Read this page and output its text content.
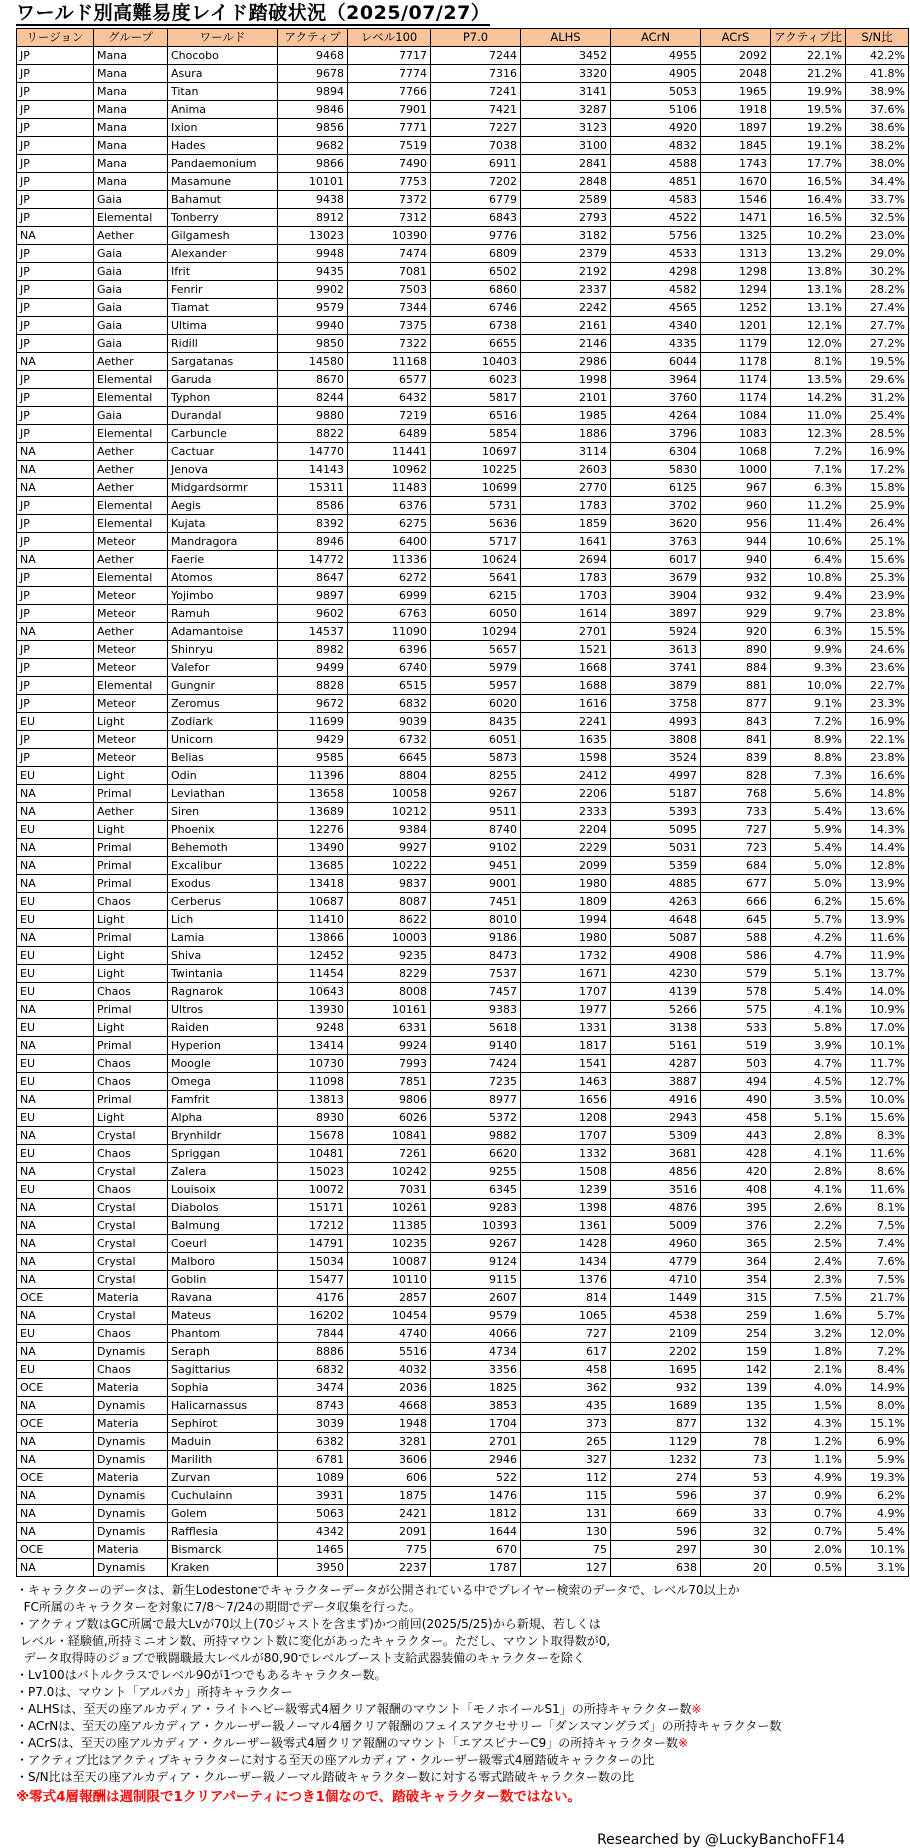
ワールド別高難易度レイド踏破状況（2025/07/27）
リージョン	グループ	ワールド	アクティブ	レベル100	P7.0	ALHS	ACrN	ACrS	アクティブ比	S/N比
JP	Mana	Chocobo	9468	7717	7244	3452	4955	2092	22.1%	42.2%
JP	Mana	Asura	9678	7774	7316	3320	4905	2048	21.2%	41.8%
JP	Mana	Titan	9894	7766	7241	3141	5053	1965	19.9%	38.9%
JP	Mana	Anima	9846	7901	7421	3287	5106	1918	19.5%	37.6%
JP	Mana	Ixion	9856	7771	7227	3123	4920	1897	19.2%	38.6%
JP	Mana	Hades	9682	7519	7038	3100	4832	1845	19.1%	38.2%
JP	Mana	Pandaemonium	9866	7490	6911	2841	4588	1743	17.7%	38.0%
JP	Mana	Masamune	10101	7753	7202	2848	4851	1670	16.5%	34.4%
JP	Gaia	Bahamut	9438	7372	6779	2589	4583	1546	16.4%	33.7%
JP	Elemental	Tonberry	8912	7312	6843	2793	4522	1471	16.5%	32.5%
NA	Aether	Gilgamesh	13023	10390	9776	3182	5756	1325	10.2%	23.0%
JP	Gaia	Alexander	9948	7474	6809	2379	4533	1313	13.2%	29.0%
JP	Gaia	Ifrit	9435	7081	6502	2192	4298	1298	13.8%	30.2%
JP	Gaia	Fenrir	9902	7503	6860	2337	4582	1294	13.1%	28.2%
JP	Gaia	Tiamat	9579	7344	6746	2242	4565	1252	13.1%	27.4%
JP	Gaia	Ultima	9940	7375	6738	2161	4340	1201	12.1%	27.7%
JP	Gaia	Ridill	9850	7322	6655	2146	4335	1179	12.0%	27.2%
NA	Aether	Sargatanas	14580	11168	10403	2986	6044	1178	8.1%	19.5%
JP	Elemental	Garuda	8670	6577	6023	1998	3964	1174	13.5%	29.6%
JP	Elemental	Typhon	8244	6432	5817	2101	3760	1174	14.2%	31.2%
JP	Gaia	Durandal	9880	7219	6516	1985	4264	1084	11.0%	25.4%
JP	Elemental	Carbuncle	8822	6489	5854	1886	3796	1083	12.3%	28.5%
NA	Aether	Cactuar	14770	11441	10697	3114	6304	1068	7.2%	16.9%
NA	Aether	Jenova	14143	10962	10225	2603	5830	1000	7.1%	17.2%
NA	Aether	Midgardsormr	15311	11483	10699	2770	6125	967	6.3%	15.8%
JP	Elemental	Aegis	8586	6376	5731	1783	3702	960	11.2%	25.9%
JP	Elemental	Kujata	8392	6275	5636	1859	3620	956	11.4%	26.4%
JP	Meteor	Mandragora	8946	6400	5717	1641	3763	944	10.6%	25.1%
NA	Aether	Faerie	14772	11336	10624	2694	6017	940	6.4%	15.6%
JP	Elemental	Atomos	8647	6272	5641	1783	3679	932	10.8%	25.3%
JP	Meteor	Yojimbo	9897	6999	6215	1703	3904	932	9.4%	23.9%
JP	Meteor	Ramuh	9602	6763	6050	1614	3897	929	9.7%	23.8%
NA	Aether	Adamantoise	14537	11090	10294	2701	5924	920	6.3%	15.5%
JP	Meteor	Shinryu	8982	6396	5657	1521	3613	890	9.9%	24.6%
JP	Meteor	Valefor	9499	6740	5979	1668	3741	884	9.3%	23.6%
JP	Elemental	Gungnir	8828	6515	5957	1688	3879	881	10.0%	22.7%
JP	Meteor	Zeromus	9672	6832	6020	1616	3758	877	9.1%	23.3%
EU	Light	Zodiark	11699	9039	8435	2241	4993	843	7.2%	16.9%
JP	Meteor	Unicorn	9429	6732	6051	1635	3808	841	8.9%	22.1%
JP	Meteor	Belias	9585	6645	5873	1598	3524	839	8.8%	23.8%
EU	Light	Odin	11396	8804	8255	2412	4997	828	7.3%	16.6%
NA	Primal	Leviathan	13658	10058	9267	2206	5187	768	5.6%	14.8%
NA	Aether	Siren	13689	10212	9511	2333	5393	733	5.4%	13.6%
EU	Light	Phoenix	12276	9384	8740	2204	5095	727	5.9%	14.3%
NA	Primal	Behemoth	13490	9927	9102	2229	5031	723	5.4%	14.4%
NA	Primal	Excalibur	13685	10222	9451	2099	5359	684	5.0%	12.8%
NA	Primal	Exodus	13418	9837	9001	1980	4885	677	5.0%	13.9%
EU	Chaos	Cerberus	10687	8087	7451	1809	4263	666	6.2%	15.6%
EU	Light	Lich	11410	8622	8010	1994	4648	645	5.7%	13.9%
NA	Primal	Lamia	13866	10003	9186	1980	5087	588	4.2%	11.6%
EU	Light	Shiva	12452	9235	8473	1732	4908	586	4.7%	11.9%
EU	Light	Twintania	11454	8229	7537	1671	4230	579	5.1%	13.7%
EU	Chaos	Ragnarok	10643	8008	7457	1707	4139	578	5.4%	14.0%
NA	Primal	Ultros	13930	10161	9383	1977	5266	575	4.1%	10.9%
EU	Light	Raiden	9248	6331	5618	1331	3138	533	5.8%	17.0%
NA	Primal	Hyperion	13414	9924	9140	1817	5161	519	3.9%	10.1%
EU	Chaos	Moogle	10730	7993	7424	1541	4287	503	4.7%	11.7%
EU	Chaos	Omega	11098	7851	7235	1463	3887	494	4.5%	12.7%
NA	Primal	Famfrit	13813	9806	8977	1656	4916	490	3.5%	10.0%
EU	Light	Alpha	8930	6026	5372	1208	2943	458	5.1%	15.6%
NA	Crystal	Brynhildr	15678	10841	9882	1707	5309	443	2.8%	8.3%
EU	Chaos	Spriggan	10481	7261	6620	1332	3681	428	4.1%	11.6%
NA	Crystal	Zalera	15023	10242	9255	1508	4856	420	2.8%	8.6%
EU	Chaos	Louisoix	10072	7031	6345	1239	3516	408	4.1%	11.6%
NA	Crystal	Diabolos	15171	10261	9283	1398	4876	395	2.6%	8.1%
NA	Crystal	Balmung	17212	11385	10393	1361	5009	376	2.2%	7.5%
NA	Crystal	Coeurl	14791	10235	9267	1428	4960	365	2.5%	7.4%
NA	Crystal	Malboro	15034	10087	9124	1434	4779	364	2.4%	7.6%
NA	Crystal	Goblin	15477	10110	9115	1376	4710	354	2.3%	7.5%
OCE	Materia	Ravana	4176	2857	2607	814	1449	315	7.5%	21.7%
NA	Crystal	Mateus	16202	10454	9579	1065	4538	259	1.6%	5.7%
EU	Chaos	Phantom	7844	4740	4066	727	2109	254	3.2%	12.0%
NA	Dynamis	Seraph	8886	5516	4734	617	2202	159	1.8%	7.2%
EU	Chaos	Sagittarius	6832	4032	3356	458	1695	142	2.1%	8.4%
OCE	Materia	Sophia	3474	2036	1825	362	932	139	4.0%	14.9%
NA	Dynamis	Halicarnassus	8743	4668	3853	435	1689	135	1.5%	8.0%
OCE	Materia	Sephirot	3039	1948	1704	373	877	132	4.3%	15.1%
NA	Dynamis	Maduin	6382	3281	2701	265	1129	78	1.2%	6.9%
NA	Dynamis	Marilith	6781	3606	2946	327	1232	73	1.1%	5.9%
OCE	Materia	Zurvan	1089	606	522	112	274	53	4.9%	19.3%
NA	Dynamis	Cuchulainn	3931	1875	1476	115	596	37	0.9%	6.2%
NA	Dynamis	Golem	5063	2421	1812	131	669	33	0.7%	4.9%
NA	Dynamis	Rafflesia	4342	2091	1644	130	596	32	0.7%	5.4%
OCE	Materia	Bismarck	1465	775	670	75	297	30	2.0%	10.1%
NA	Dynamis	Kraken	3950	2237	1787	127	638	20	0.5%	3.1%
・キャラクターのデータは、新生Lodestoneでキャラクターデータが公開されている中でプレイヤー検索のデータで、レベル70以上か
FC所属のキャラクターを対象に7/8～7/24の期間でデータ収集を行った。
・アクティブ数はGC所属で最大Lvが70以上(70ジャストを含まず)かつ前回(2025/5/25)から新規、若しくは
レベル・経験値,所持ミニオン数、所持マウント数に変化があったキャラクター。ただし、マウント取得数が0,
データ取得時のジョブで戦闘職最大レベルが80,90でレベルブースト支給武器装備のキャラクターを除く
・Lv100はバトルクラスでレベル90が1つでもあるキャラクター数。
・P7.0は、マウント「アルパカ」所持キャラクター
・ALHSは、至天の座アルカディア・ライトヘビー級零式4層クリア報酬のマウント「モノホイールS1」の所持キャラクター数※
・ACrNは、至天の座アルカディア・クルーザー級ノーマル4層クリア報酬のフェイスアクセサリー「ダンスマングラズ」の所持キャラクター数
・ACrSは、至天の座アルカディア・クルーザー級零式4層クリア報酬のマウント「エアスピナーC9」の所持キャラクター数※
・アクティブ比はアクティブキャラクターに対する至天の座アルカディア・クルーザー級零式4層踏破キャラクターの比
・S/N比は至天の座アルカディア・クルーザー級ノーマル踏破キャラクター数に対する零式踏破キャラクター数の比
※零式4層報酬は週制限で1クリアパーティにつき1個なので、踏破キャラクター数ではない。
Researched by @LuckyBanchoFF14
